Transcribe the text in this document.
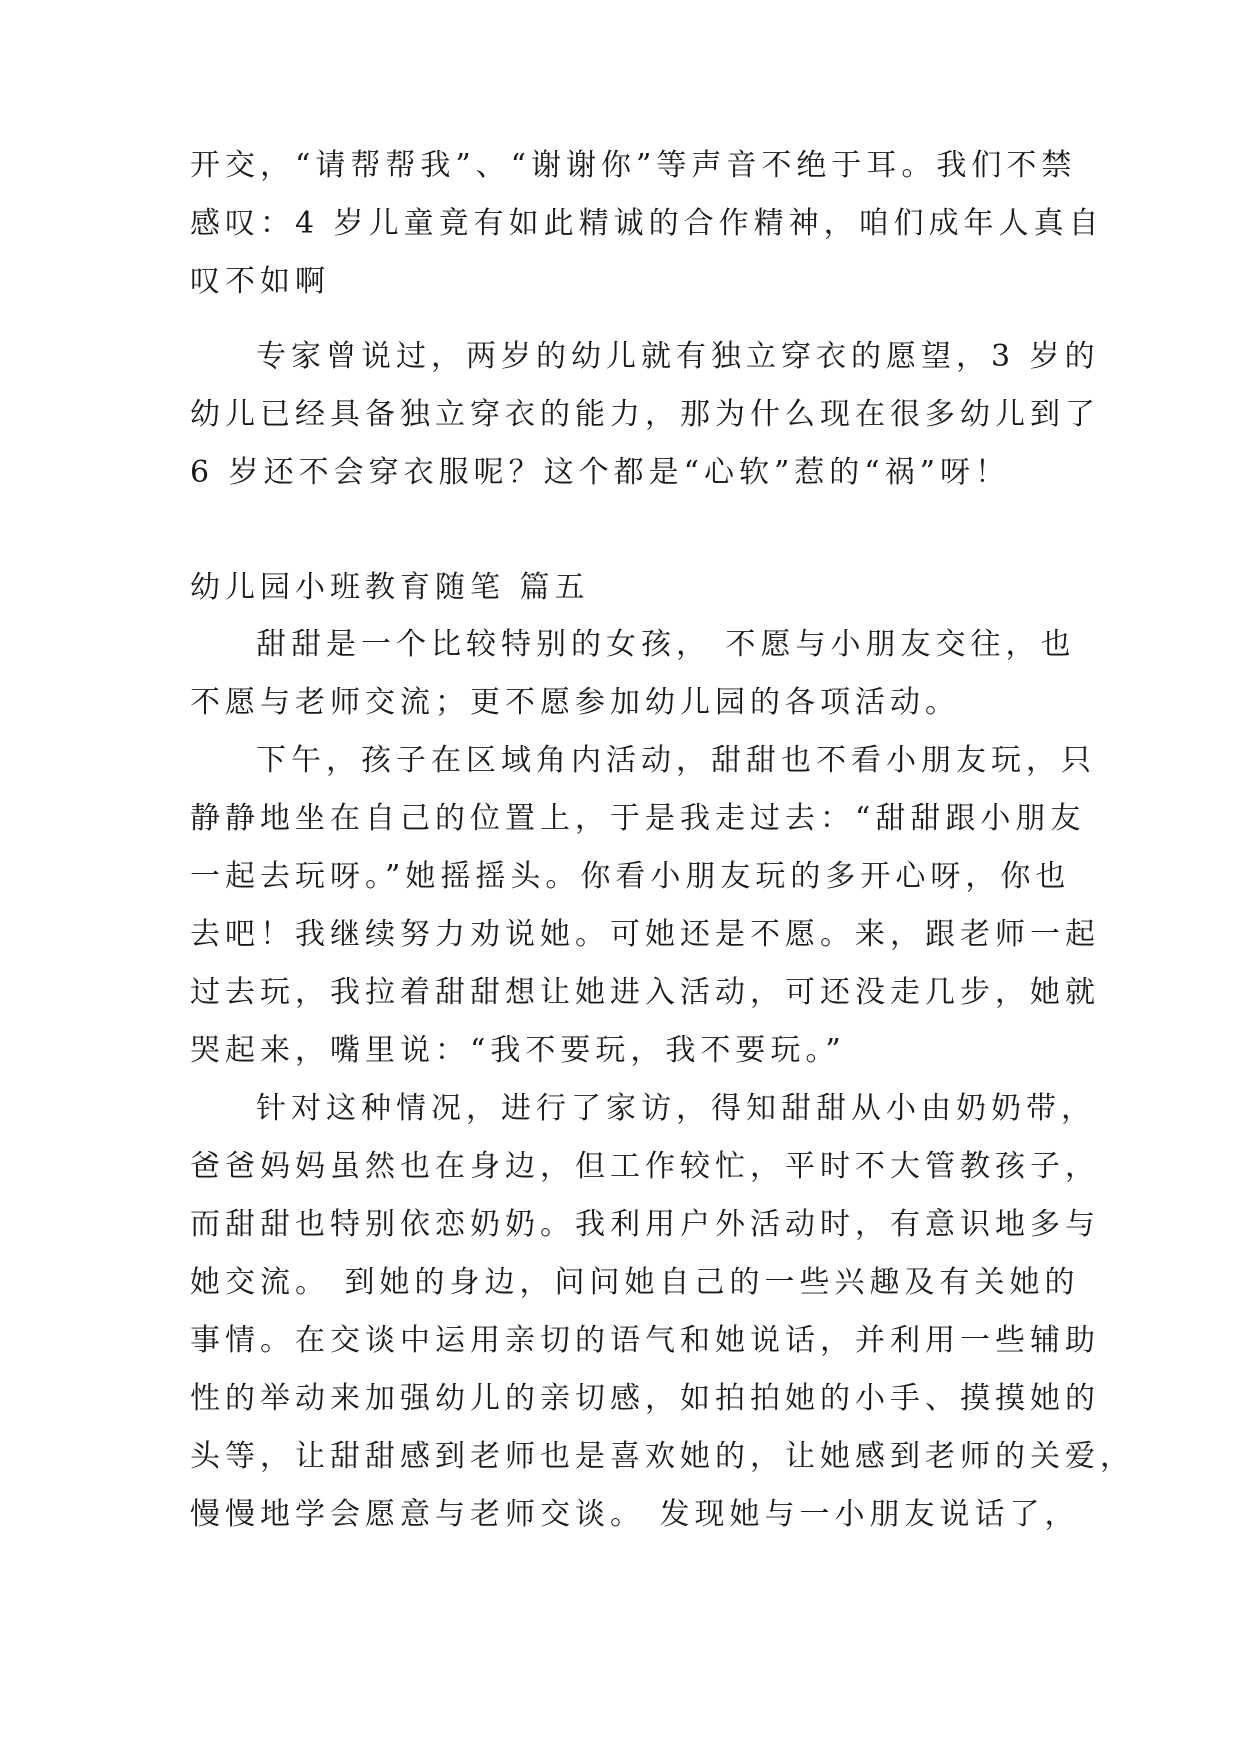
开交，“请帮帮我”、“谢谢你”等声音不绝于耳。我们不禁
感叹：4 岁儿童竟有如此精诚的合作精神，咱们成年人真自
叹不如啊
专家曾说过，两岁的幼儿就有独立穿衣的愿望，3 岁的
幼儿已经具备独立穿衣的能力，那为什么现在很多幼儿到了
6 岁还不会穿衣服呢？这个都是“心软”惹的“祸”呀！
幼儿园小班教育随笔 篇五
甜甜是一个比较特别的女孩， 不愿与小朋友交往，也
不愿与老师交流；更不愿参加幼儿园的各项活动。
下午，孩子在区域角内活动，甜甜也不看小朋友玩，只
静静地坐在自己的位置上，于是我走过去：“甜甜跟小朋友
一起去玩呀。”她摇摇头。你看小朋友玩的多开心呀，你也
去吧！我继续努力劝说她。可她还是不愿。来，跟老师一起
过去玩，我拉着甜甜想让她进入活动，可还没走几步，她就
哭起来，嘴里说：“我不要玩，我不要玩。”
针对这种情况，进行了家访，得知甜甜从小由奶奶带，
爸爸妈妈虽然也在身边，但工作较忙，平时不大管教孩子，
而甜甜也特别依恋奶奶。我利用户外活动时，有意识地多与
她交流。 到她的身边，问问她自己的一些兴趣及有关她的
事情。在交谈中运用亲切的语气和她说话，并利用一些辅助
性的举动来加强幼儿的亲切感，如拍拍她的小手、摸摸她的
头等，让甜甜感到老师也是喜欢她的，让她感到老师的关爱，
慢慢地学会愿意与老师交谈。 发现她与一小朋友说话了，
